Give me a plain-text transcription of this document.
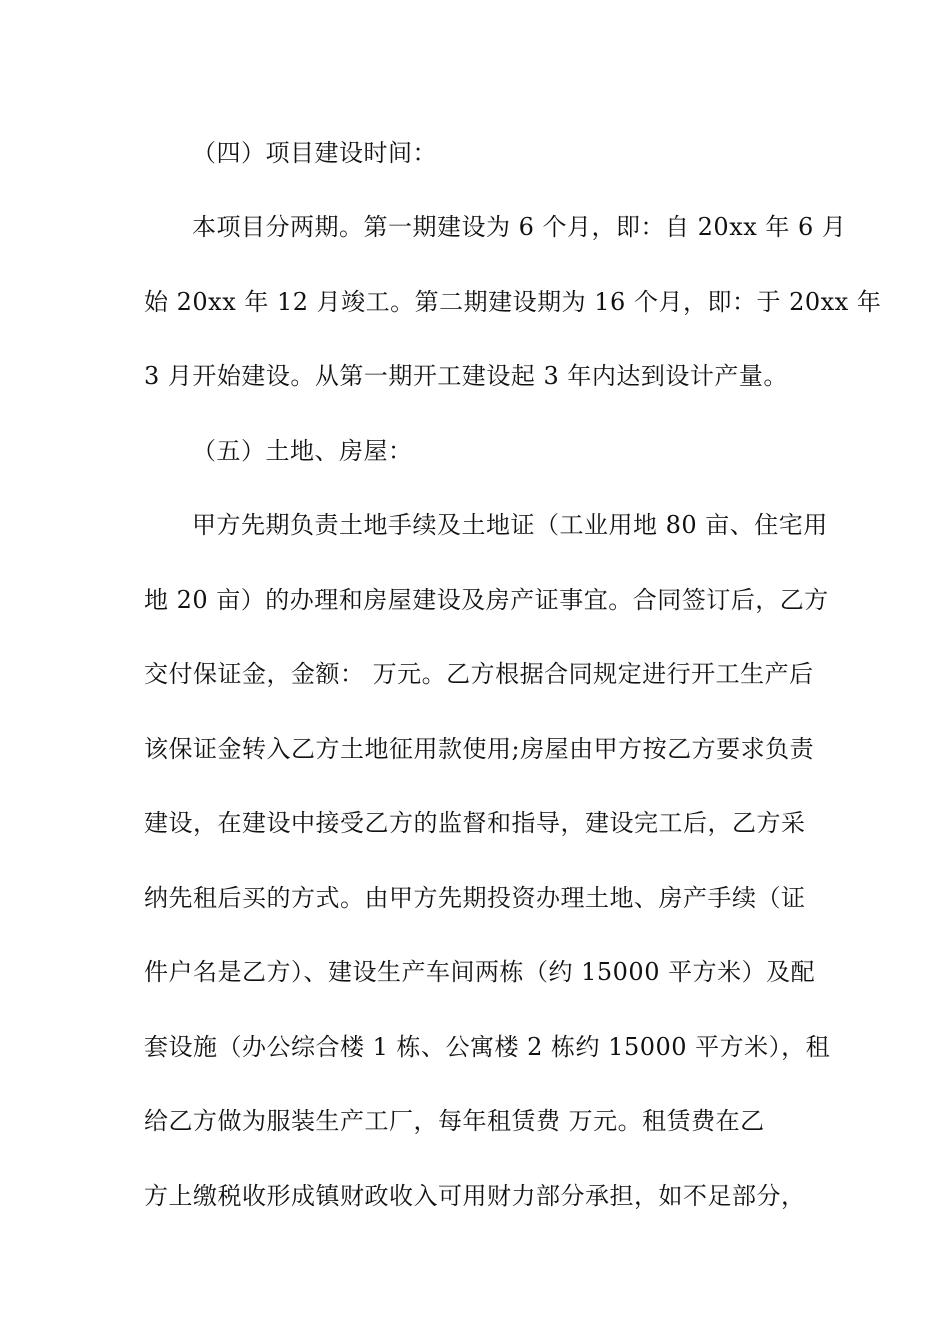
（四）项目建设时间：
本项目分两期。第一期建设为 6 个月，即：自 20xx 年 6 月
始 20xx 年 12 月竣工。第二期建设期为 16 个月，即：于 20xx 年
3 月开始建设。从第一期开工建设起 3 年内达到设计产量。
（五）土地、房屋：
甲方先期负责土地手续及土地证（工业用地 80 亩、住宅用
地 20 亩）的办理和房屋建设及房产证事宜。合同签订后，乙方
交付保证金，金额： 万元。乙方根据合同规定进行开工生产后
该保证金转入乙方土地征用款使用;房屋由甲方按乙方要求负责
建设，在建设中接受乙方的监督和指导，建设完工后，乙方采
纳先租后买的方式。由甲方先期投资办理土地、房产手续（证
件户名是乙方）、建设生产车间两栋（约 15000 平方米）及配
套设施（办公综合楼 1 栋、公寓楼 2 栋约 15000 平方米），租
给乙方做为服装生产工厂，每年租赁费 万元。租赁费在乙
方上缴税收形成镇财政收入可用财力部分承担，如不足部分，
